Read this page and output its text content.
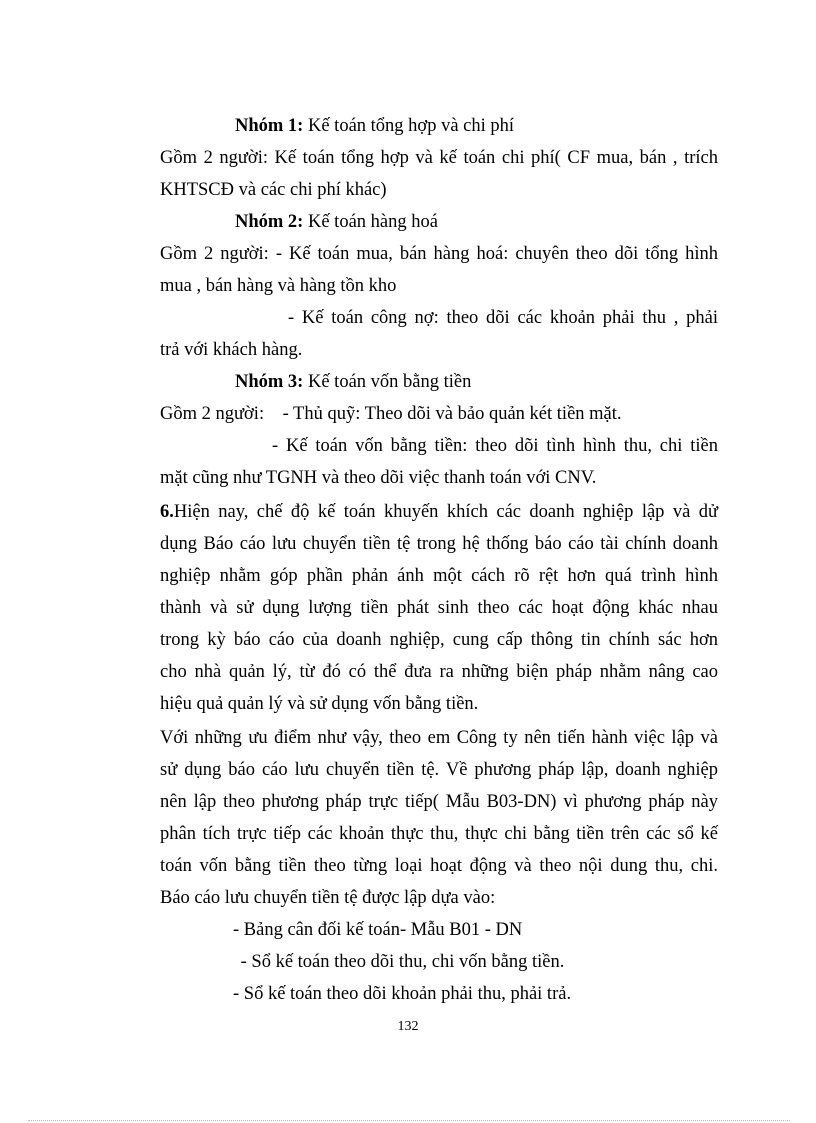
Nhóm 1: Kế toán tổng hợp và chi phí
Gồm 2 người: Kế toán tổng hợp và kế toán chi phí( CF mua, bán , trích
KHTSCĐ và các chi phí khác)
Nhóm 2: Kế toán hàng hoá
Gồm 2 người: - Kế toán mua, bán hàng hoá: chuyên theo dõi tổng hình
mua , bán hàng và hàng tồn kho
- Kế toán công nợ: theo dõi các khoản phải thu , phải
trả với khách hàng.
Nhóm 3: Kế toán vốn bằng tiền
Gồm 2 người:    - Thủ quỹ: Theo dõi và bảo quản két tiền mặt.
- Kế toán vốn bằng tiền: theo dõi tình hình thu, chi tiền
mặt cũng như TGNH và theo dõi việc thanh toán với CNV.
6.Hiện nay, chế độ kế toán khuyến khích các doanh nghiệp lập và dử
dụng Báo cáo lưu chuyển tiền tệ trong hệ thống báo cáo tài chính doanh
nghiệp nhằm góp phần phản ánh một cách rõ rệt hơn quá trình hình
thành và sử dụng lượng tiền phát sinh theo các hoạt động khác nhau
trong kỳ báo cáo của doanh nghiệp, cung cấp thông tin chính sác hơn
cho nhà quản lý, từ đó có thể đưa ra những biện pháp nhằm nâng cao
hiệu quả quản lý và sử dụng vốn bằng tiền.
Với những ưu điểm như vậy, theo em Công ty nên tiến hành việc lập và
sử dụng báo cáo lưu chuyển tiền tệ. Về phương pháp lập, doanh nghiệp
nên lập theo phương pháp trực tiếp( Mẫu B03-DN) vì phương pháp này
phân tích trực tiếp các khoản thực thu, thực chi bằng tiền trên các sổ kế
toán vốn bằng tiền theo từng loại hoạt động và theo nội dung thu, chi.
Báo cáo lưu chuyển tiền tệ được lập dựa vào:
- Bảng cân đối kế toán- Mẫu B01 - DN
- Sổ kế toán theo dõi thu, chi vốn bằng tiền.
- Sổ kế toán theo dõi khoản phải thu, phải trả.
132
